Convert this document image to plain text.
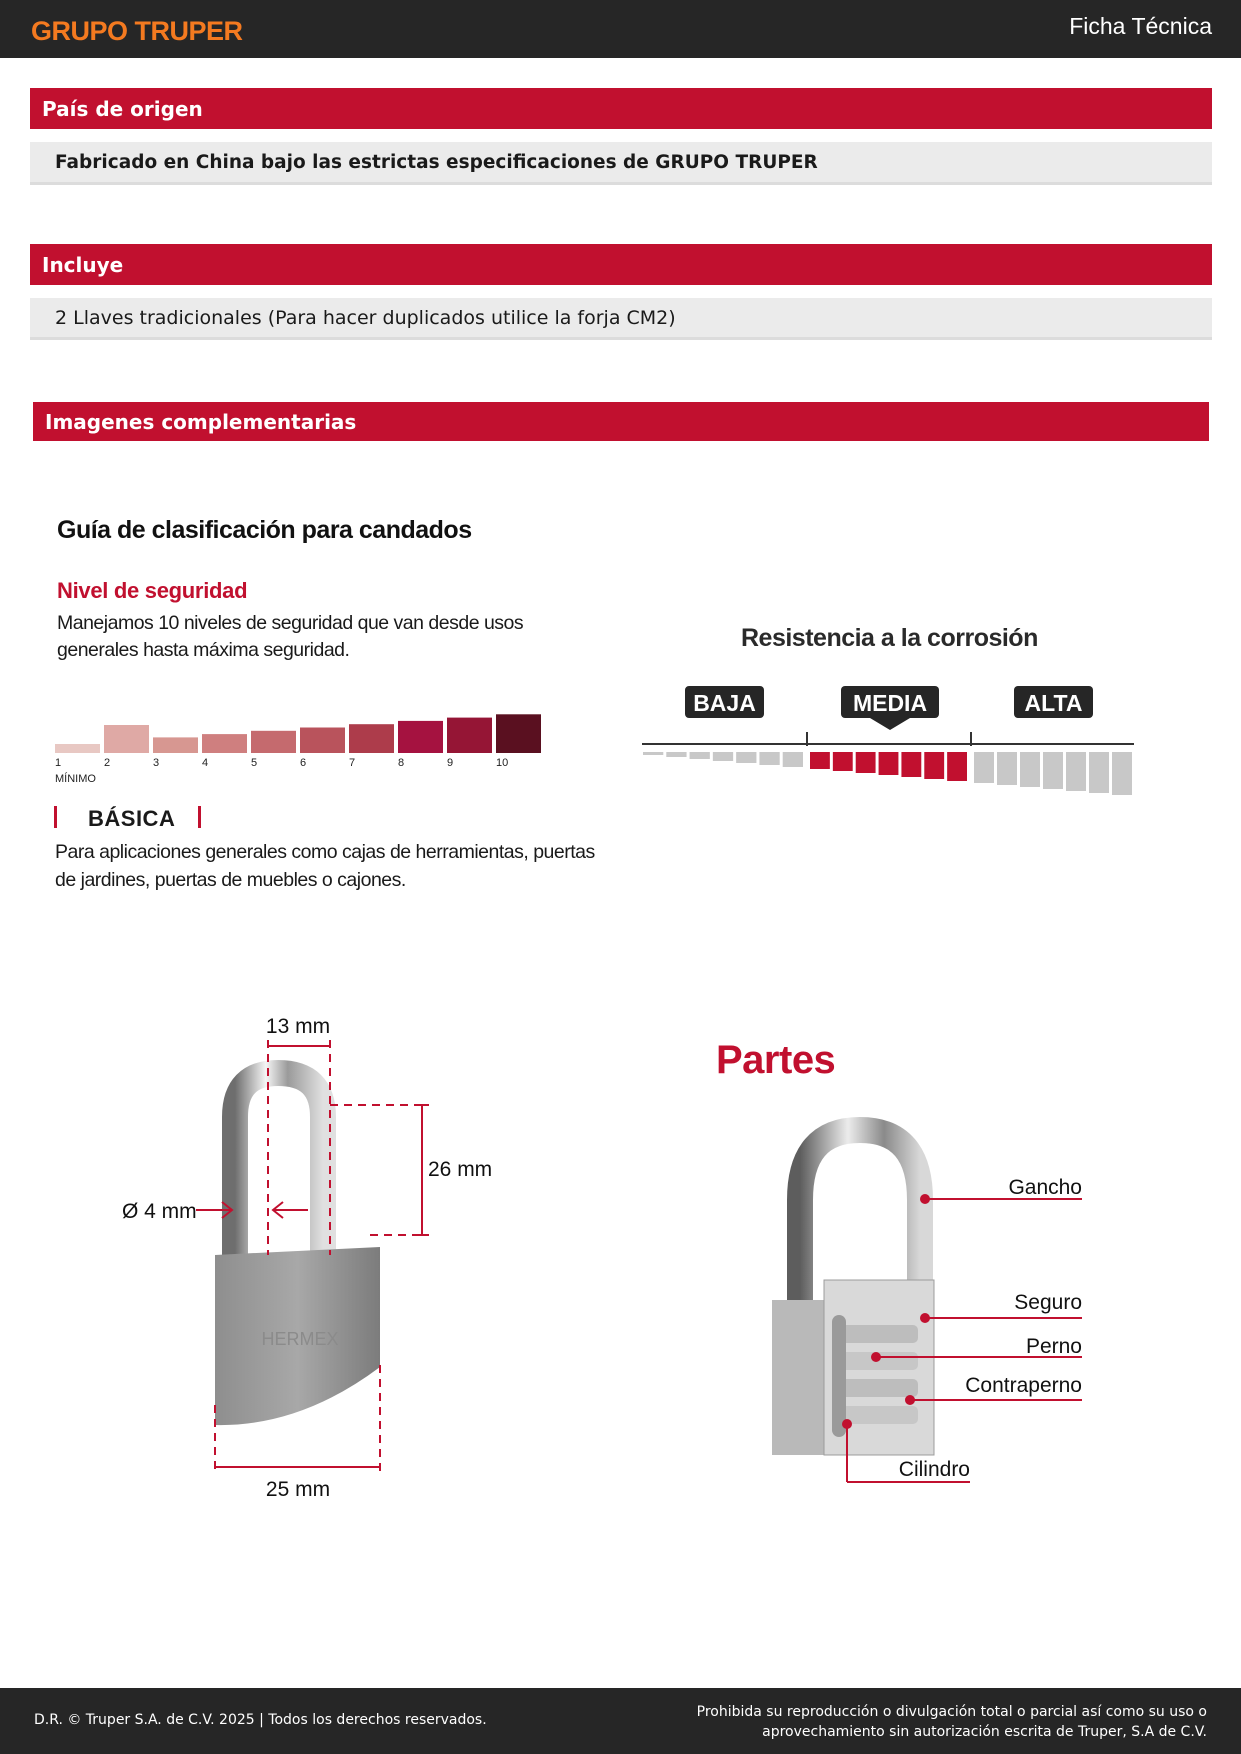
GRUPO TRUPER	Ficha Técnica
País de origen
Fabricado en China bajo las estrictas especificaciones de GRUPO TRUPER
Incluye
2 Llaves tradicionales (Para hacer duplicados utilice la forja CM2)
Imagenes complementarias
Guía de clasificación para candados
Nivel de seguridad
Manejamos 10 niveles de seguridad que van desde usos generales hasta máxima seguridad.
1	2	3	4	5	6	7	8	9	10
MÍNIMO
BÁSICA
Para aplicaciones generales como cajas de herramientas, puertas de jardines, puertas de muebles o cajones.
Resistencia a la corrosión
BAJA	MEDIA	ALTA
HERMEX
13 mm
26 mm
Ø 4 mm
25 mm
Partes
Gancho
Seguro
Perno
Contraperno
Cilindro
D.R. © Truper S.A. de C.V. 2025 | Todos los derechos reservados.	Prohibida su reproducción o divulgación total o parcial así como su uso o aprovechamiento sin autorización escrita de Truper, S.A de C.V.
